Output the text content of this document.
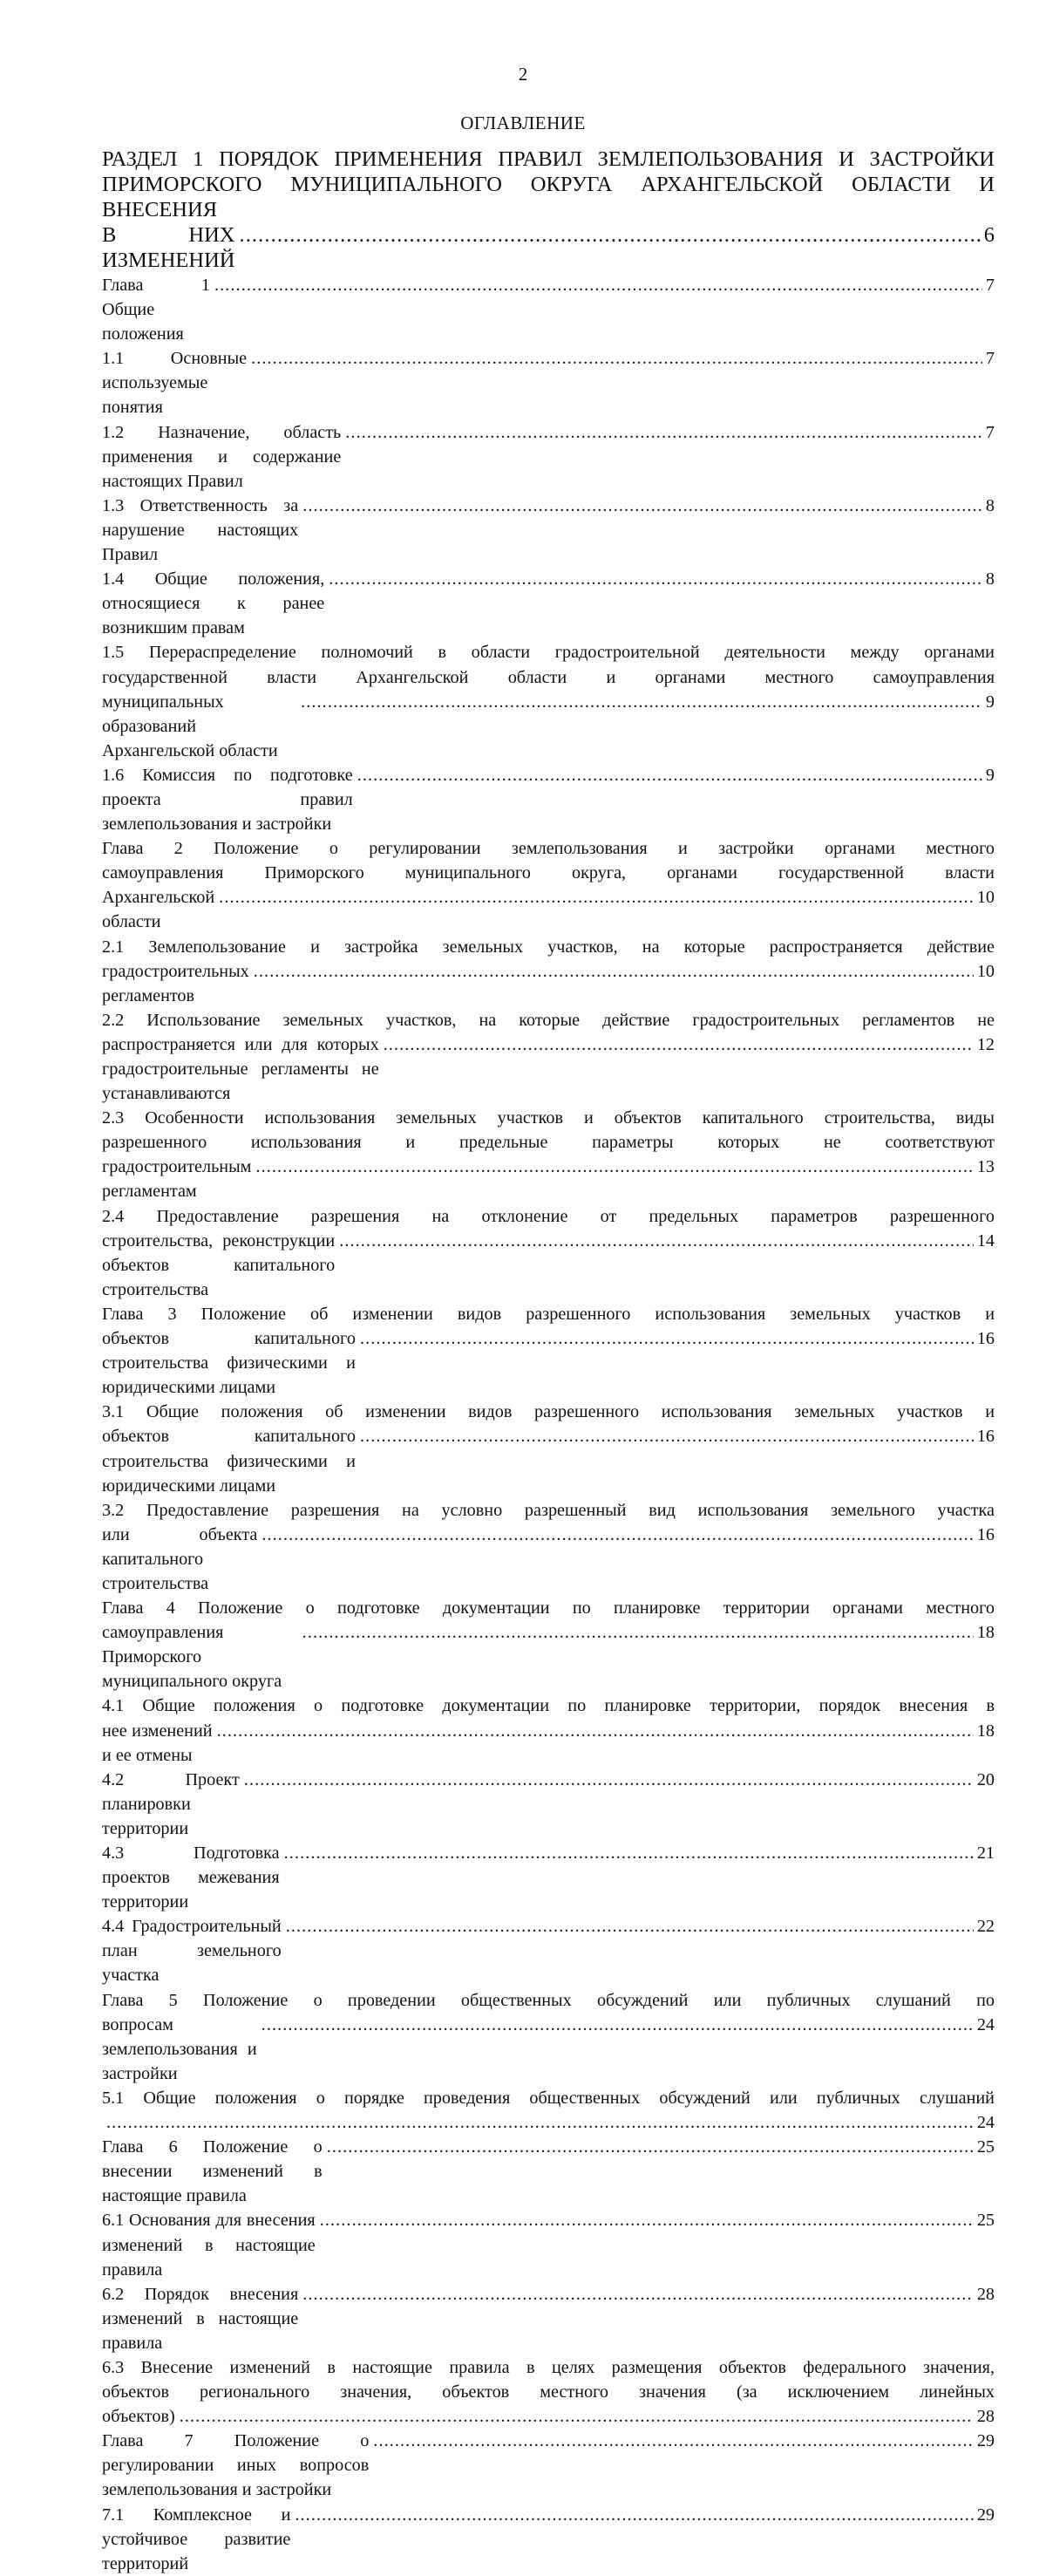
2
ОГЛАВЛЕНИЕ
РАЗДЕЛ 1 ПОРЯДОК ПРИМЕНЕНИЯ ПРАВИЛ ЗЕМЛЕПОЛЬЗОВАНИЯ И ЗАСТРОЙКИ
ПРИМОРСКОГО МУНИЦИПАЛЬНОГО ОКРУГА АРХАНГЕЛЬСКОЙ ОБЛАСТИ И ВНЕСЕНИЯ
В НИХ ИЗМЕНЕНИЙ
.....
6
Глава 1 Общие положения
.....
7
1.1 Основные используемые понятия
.....
7
1.2 Назначение, область применения и содержание настоящих Правил
.....
7
1.3 Ответственность за нарушение настоящих Правил
.....
8
1.4 Общие положения, относящиеся к ранее возникшим правам
.....
8
1.5 Перераспределение полномочий в области градостроительной деятельности между органами
государственной власти Архангельской области и органами местного самоуправления
муниципальных образований Архангельской области
.....
9
1.6 Комиссия по подготовке проекта правил землепользования и застройки
.....
9
Глава 2 Положение о регулировании землепользования и застройки органами местного
самоуправления Приморского муниципального округа, органами государственной власти
Архангельской области
.....
10
2.1 Землепользование и застройка земельных участков, на которые распространяется действие
градостроительных регламентов
.....
10
2.2 Использование земельных участков, на которые действие градостроительных регламентов не
распространяется или для которых градостроительные регламенты не устанавливаются
.....
12
2.3 Особенности использования земельных участков и объектов капитального строительства, виды
разрешенного использования и предельные параметры которых не соответствуют
градостроительным регламентам
.....
13
2.4 Предоставление разрешения на отклонение от предельных параметров разрешенного
строительства, реконструкции объектов капитального строительства
.....
14
Глава 3 Положение об изменении видов разрешенного использования земельных участков и
объектов капитального строительства физическими и юридическими лицами
.....
16
3.1 Общие положения об изменении видов разрешенного использования земельных участков и
объектов капитального строительства физическими и юридическими лицами
.....
16
3.2 Предоставление разрешения на условно разрешенный вид использования земельного участка
или объекта капитального строительства
.....
16
Глава 4 Положение о подготовке документации по планировке территории органами местного
самоуправления Приморского муниципального округа
.....
18
4.1 Общие положения о подготовке документации по планировке территории, порядок внесения в
нее изменений и ее отмены
.....
18
4.2 Проект планировки территории
.....
20
4.3 Подготовка проектов межевания территории
.....
21
4.4 Градостроительный план земельного участка
.....
22
Глава 5 Положение о проведении общественных обсуждений или публичных слушаний по
вопросам землепользования и застройки
.....
24
5.1 Общие положения о порядке проведения общественных обсуждений или публичных слушаний
.....
24
Глава 6 Положение о внесении изменений в настоящие правила
.....
25
6.1 Основания для внесения изменений в настоящие правила
.....
25
6.2 Порядок внесения изменений в настоящие правила
.....
28
6.3 Внесение изменений в настоящие правила в целях размещения объектов федерального значения,
объектов регионального значения, объектов местного значения (за исключением линейных
объектов)
.....	28
Глава 7 Положение о регулировании иных вопросов землепользования и застройки
.....
29
7.1 Комплексное и устойчивое развитие территорий
.....
29
